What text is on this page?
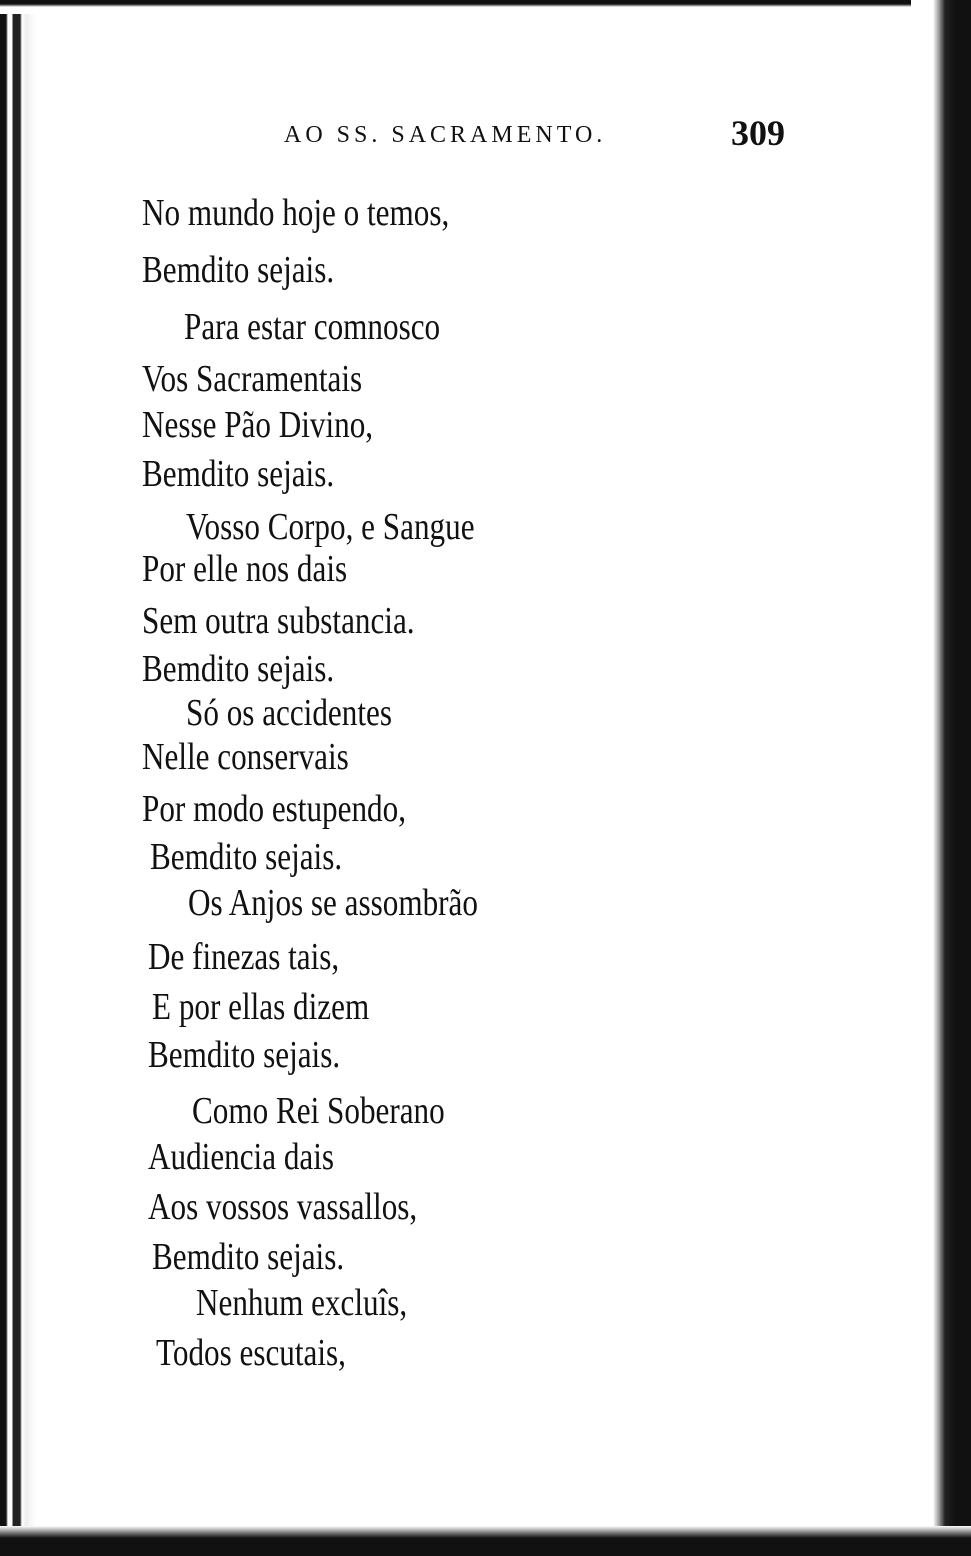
AO SS. SACRAMENTO.	309
No mundo hoje o temos,
Bemdito sejais.
Para estar comnosco
Vos Sacramentais
Nesse Pão Divino,
Bemdito sejais.
Vosso Corpo, e Sangue
Por elle nos dais
Sem outra substancia.
Bemdito sejais.
Só os accidentes
Nelle conservais
Por modo estupendo,
Bemdito sejais.
Os Anjos se assombrão
De finezas tais,
E por ellas dizem
Bemdito sejais.
Como Rei Soberano
Audiencia dais
Aos vossos vassallos,
Bemdito sejais.
Nenhum excluîs,
Todos escutais,
